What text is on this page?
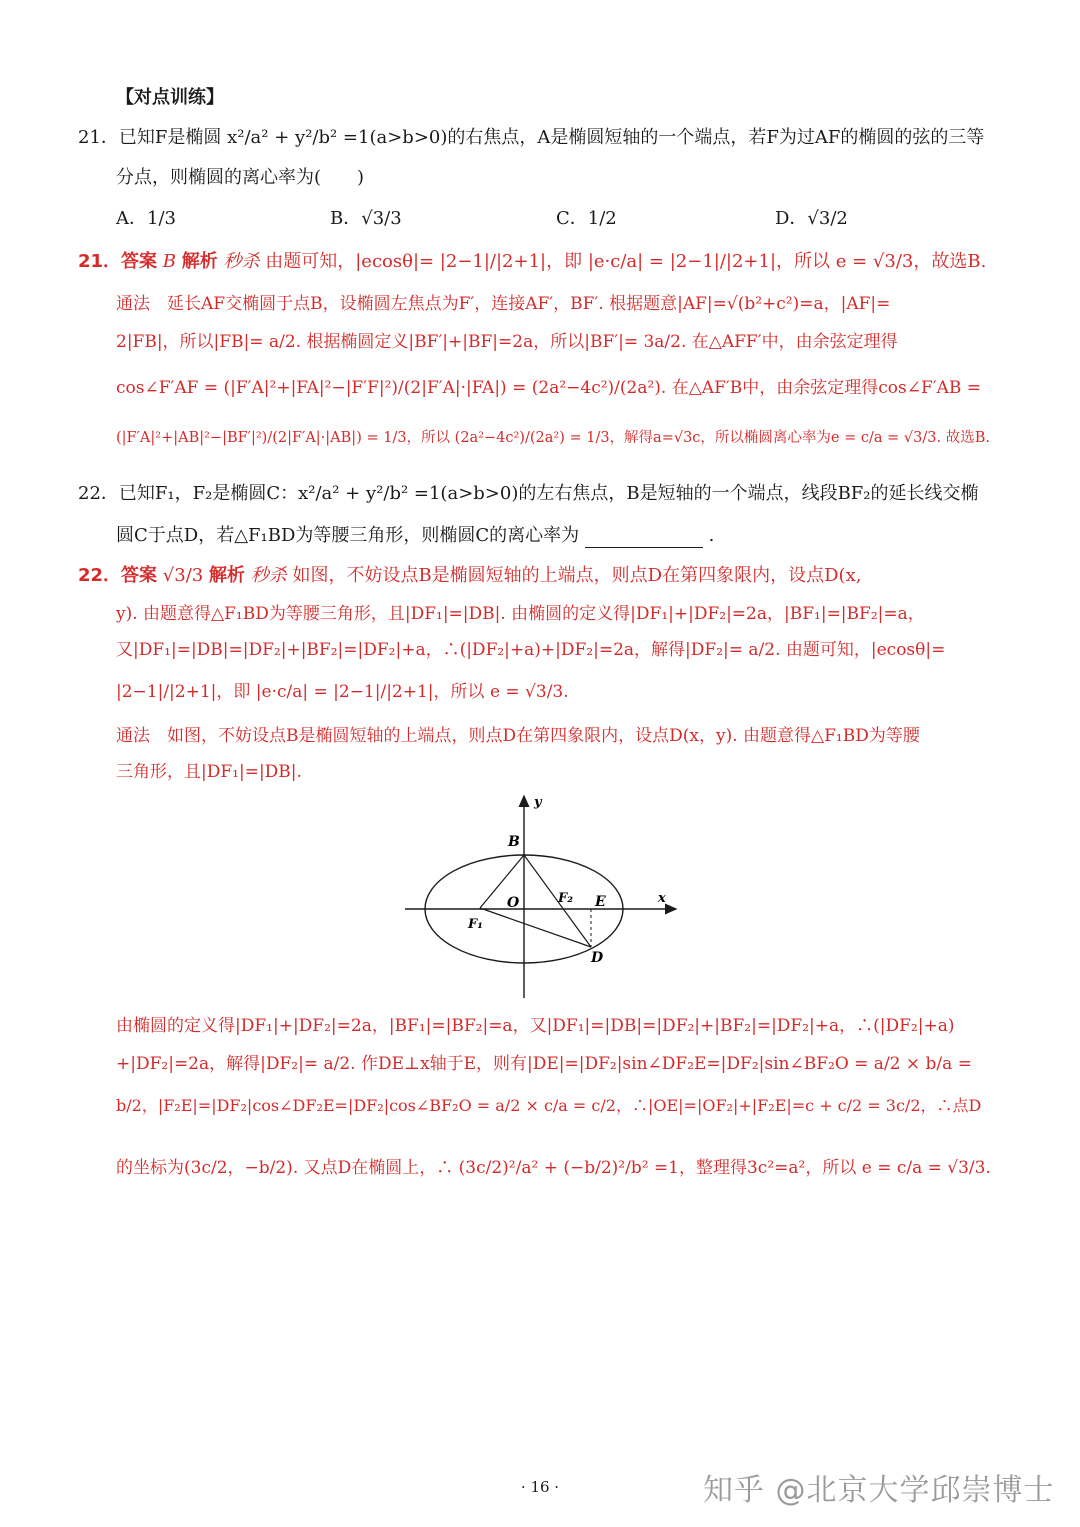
【对点训练】
21．已知F是椭圆 x²/a² + y²/b² =1(a>b>0)的右焦点，A是椭圆短轴的一个端点，若F为过AF的椭圆的弦的三等
分点，则椭圆的离心率为(　　)
A．1/3	B．√3/3	C．1/2	D．√3/2
21．答案 B 解析 秒杀 由题可知，|ecosθ|= |2−1|/|2+1|，即 |e·c/a| = |2−1|/|2+1|，所以 e = √3/3，故选B.
通法　延长AF交椭圆于点B，设椭圆左焦点为F′，连接AF′，BF′. 根据题意|AF|=√(b²+c²)=a，|AF|=
2|FB|，所以|FB|= a/2. 根据椭圆定义|BF′|+|BF|=2a，所以|BF′|= 3a/2. 在△AFF′中，由余弦定理得
cos∠F′AF = (|F′A|²+|FA|²−|F′F|²)/(2|F′A|·|FA|) = (2a²−4c²)/(2a²). 在△AF′B中，由余弦定理得cos∠F′AB =
(|F′A|²+|AB|²−|BF′|²)/(2|F′A|·|AB|) = 1/3，所以 (2a²−4c²)/(2a²) = 1/3，解得a=√3c，所以椭圆离心率为e = c/a = √3/3. 故选B.
22．已知F₁，F₂是椭圆C：x²/a² + y²/b² =1(a>b>0)的左右焦点，B是短轴的一个端点，线段BF₂的延长线交椭
圆C于点D，若△F₁BD为等腰三角形，则椭圆C的离心率为	.
22．答案 √3/3 解析 秒杀 如图，不妨设点B是椭圆短轴的上端点，则点D在第四象限内，设点D(x,
y). 由题意得△F₁BD为等腰三角形，且|DF₁|=|DB|. 由椭圆的定义得|DF₁|+|DF₂|=2a，|BF₁|=|BF₂|=a，
又|DF₁|=|DB|=|DF₂|+|BF₂|=|DF₂|+a，∴(|DF₂|+a)+|DF₂|=2a，解得|DF₂|= a/2. 由题可知，|ecosθ|=
|2−1|/|2+1|，即 |e·c/a| = |2−1|/|2+1|，所以 e = √3/3.
通法　如图，不妨设点B是椭圆短轴的上端点，则点D在第四象限内，设点D(x，y). 由题意得△F₁BD为等腰
三角形，且|DF₁|=|DB|.
y
x
B
O
F₁
F₂ E
D
由椭圆的定义得|DF₁|+|DF₂|=2a，|BF₁|=|BF₂|=a，又|DF₁|=|DB|=|DF₂|+|BF₂|=|DF₂|+a，∴(|DF₂|+a)
+|DF₂|=2a，解得|DF₂|= a/2. 作DE⊥x轴于E，则有|DE|=|DF₂|sin∠DF₂E=|DF₂|sin∠BF₂O = a/2 × b/a =
b/2，|F₂E|=|DF₂|cos∠DF₂E=|DF₂|cos∠BF₂O = a/2 × c/a = c/2，∴|OE|=|OF₂|+|F₂E|=c + c/2 = 3c/2，∴点D
的坐标为(3c/2，−b/2). 又点D在椭圆上，∴ (3c/2)²/a² + (−b/2)²/b² =1，整理得3c²=a²，所以 e = c/a = √3/3.
· 16 ·	知乎 @北京大学邱崇博士
